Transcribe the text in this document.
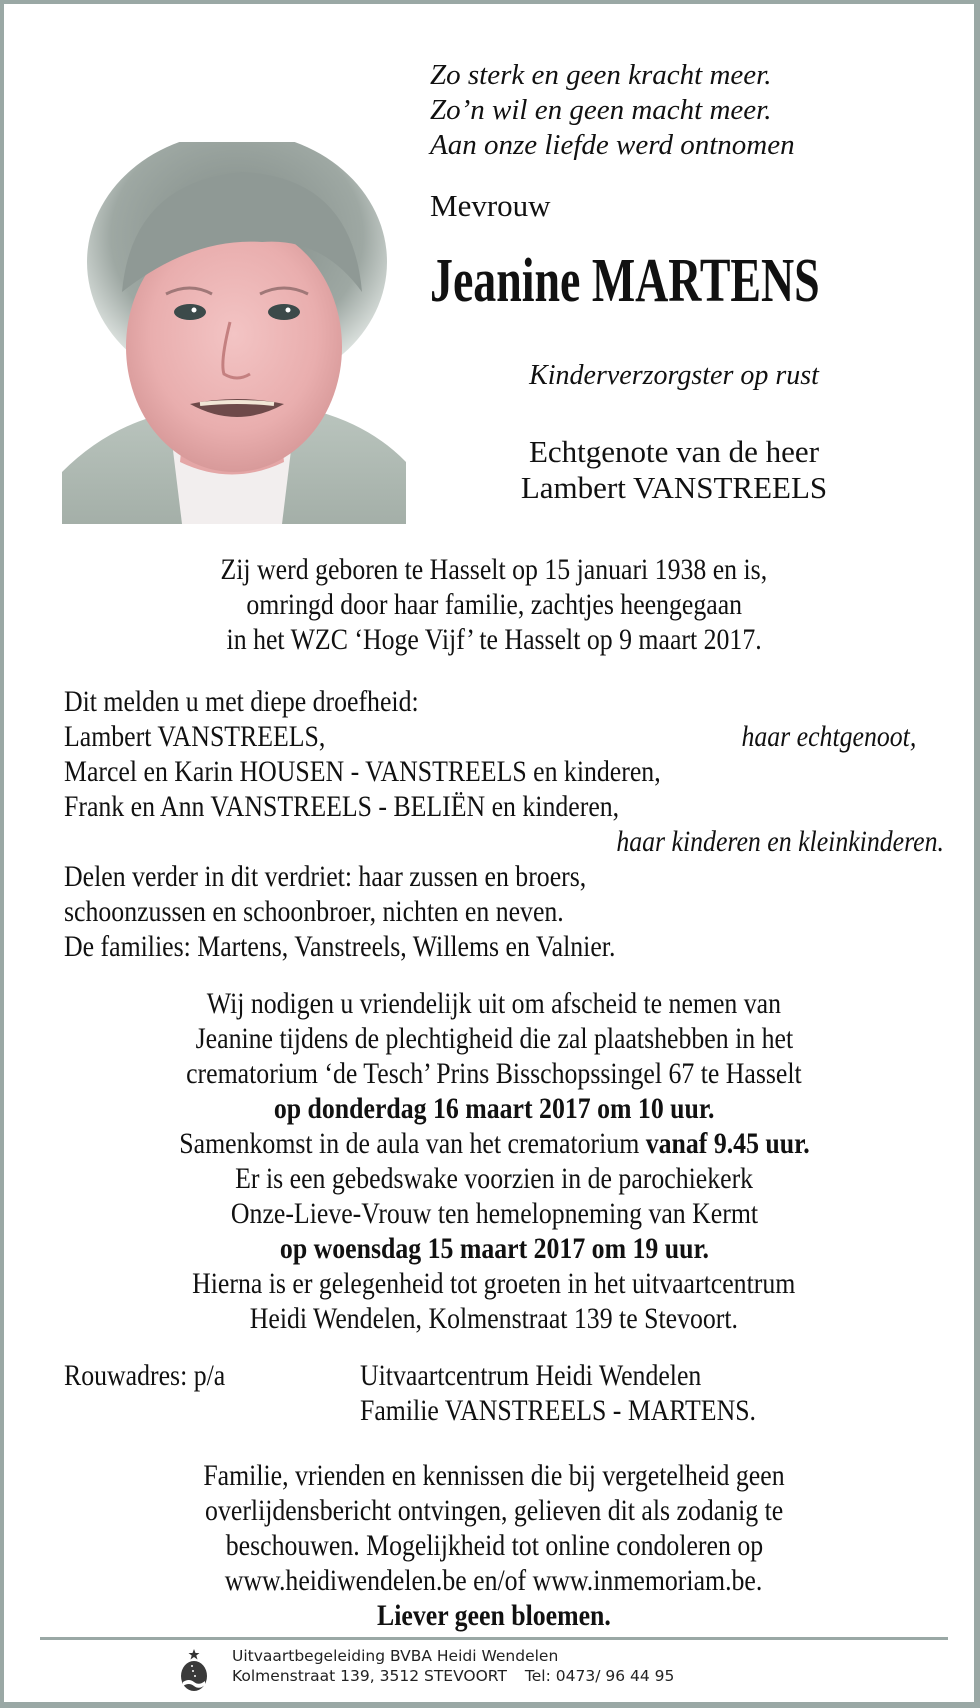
Zo sterk en geen kracht meer.
Zo’n wil en geen macht meer.
Aan onze liefde werd ontnomen
Mevrouw
Jeanine MARTENS
Kinderverzorgster op rust
Echtgenote van de heer
Lambert VANSTREELS
Zij werd geboren te Hasselt op 15 januari 1938 en is,
omringd door haar familie, zachtjes heengegaan
in het WZC ‘Hoge Vijf’ te Hasselt op 9 maart 2017.
Dit melden u met diepe droefheid:
Lambert VANSTREELS,	haar echtgenoot,
Marcel en Karin HOUSEN - VANSTREELS en kinderen,
Frank en Ann VANSTREELS - BELIËN en kinderen,
haar kinderen en kleinkinderen.
Delen verder in dit verdriet: haar zussen en broers,
schoonzussen en schoonbroer, nichten en neven.
De families: Martens, Vanstreels, Willems en Valnier.
Wij nodigen u vriendelijk uit om afscheid te nemen van
Jeanine tijdens de plechtigheid die zal plaatshebben in het
crematorium ‘de Tesch’ Prins Bisschopssingel 67 te Hasselt
op donderdag 16 maart 2017 om 10 uur.
Samenkomst in de aula van het crematorium vanaf 9.45 uur.
Er is een gebedswake voorzien in de parochiekerk
Onze-Lieve-Vrouw ten hemelopneming van Kermt
op woensdag 15 maart 2017 om 19 uur.
Hierna is er gelegenheid tot groeten in het uitvaartcentrum
Heidi Wendelen, Kolmenstraat 139 te Stevoort.
Rouwadres: p/a	Uitvaartcentrum Heidi Wendelen
Familie VANSTREELS - MARTENS.
Familie, vrienden en kennissen die bij vergetelheid geen
overlijdensbericht ontvingen, gelieven dit als zodanig te
beschouwen. Mogelijkheid tot online condoleren op
www.heidiwendelen.be en/of www.inmemoriam.be.
Liever geen bloemen.
Uitvaartbegeleiding BVBA Heidi Wendelen
Kolmenstraat 139, 3512 STEVOORT Tel: 0473/ 96 44 95
